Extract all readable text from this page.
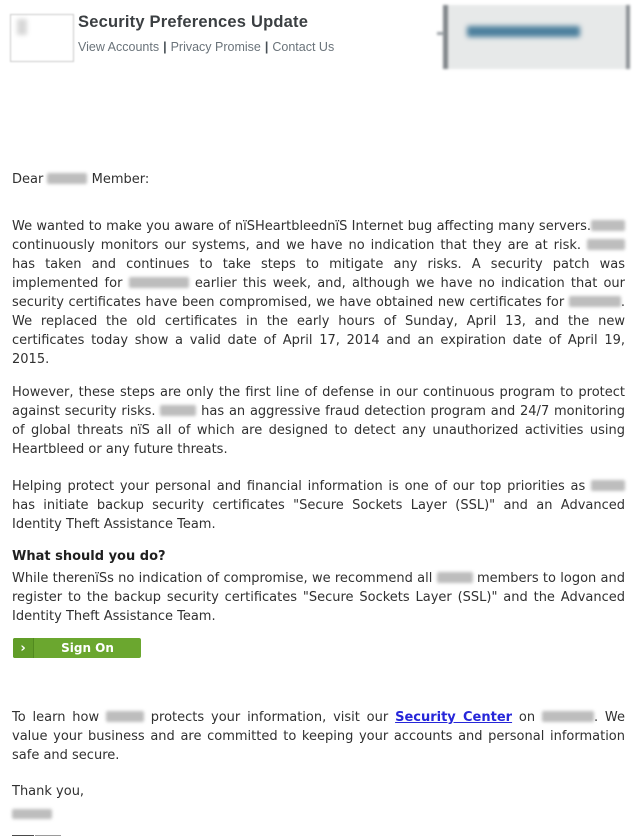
Security Preferences Update
View Accounts | Privacy Promise | Contact Us

Dear	Member:

We wanted to make you aware of nïSHeartbleednïS Internet bug affecting many servers. continuously monitors our systems, and we have no indication that they are at risk.  has taken and continues to take steps to mitigate any risks. A security patch was implemented for	earlier this week, and, although we have no indication that our security certificates have been compromised, we have obtained new certificates for	. We replaced the old certificates in the early hours of Sunday, April 13, and the new certificates today show a valid date of April 17, 2014 and an expiration date of April 19, 2015.

However, these steps are only the first line of defense in our continuous program to protect against security risks.	has an aggressive fraud detection program and 24/7 monitoring of global threats nïS all of which are designed to detect any unauthorized activities using Heartbleed or any future threats.

Helping protect your personal and financial information is one of our top priorities as  has initiate backup security certificates "Secure Sockets Layer (SSL)" and an Advanced Identity Theft Assistance Team.

What should you do?

While therenïSs no indication of compromise, we recommend all	members to logon and register to the backup security certificates "Secure Sockets Layer (SSL)" and the Advanced Identity Theft Assistance Team.

›	Sign On

To learn how	protects your information, visit our Security Center on	. We value your business and are committed to keeping your accounts and personal information safe and secure.

Thank you,
